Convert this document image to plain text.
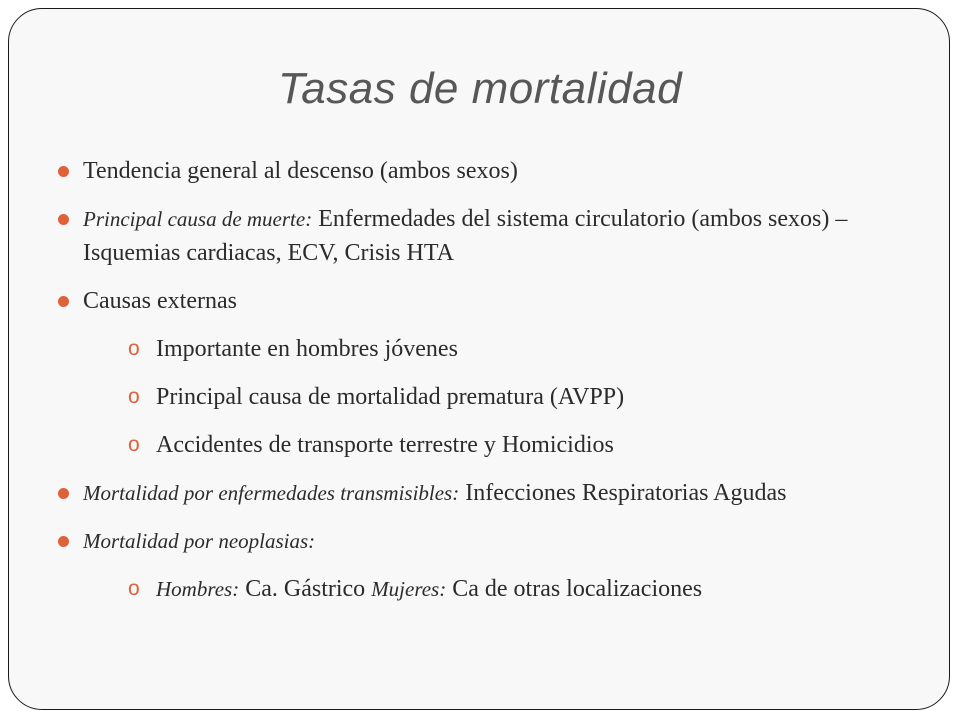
Tasas de mortalidad
Tendencia general al descenso (ambos sexos)
Principal causa de muerte: Enfermedades del sistema circulatorio (ambos sexos) – Isquemias cardiacas, ECV, Crisis HTA
Causas externas
o Importante en hombres jóvenes
o Principal causa de mortalidad prematura (AVPP)
o Accidentes de transporte terrestre y Homicidios
Mortalidad por enfermedades transmisibles: Infecciones Respiratorias Agudas
Mortalidad por neoplasias:
o Hombres: Ca. Gástrico Mujeres: Ca de otras localizaciones
